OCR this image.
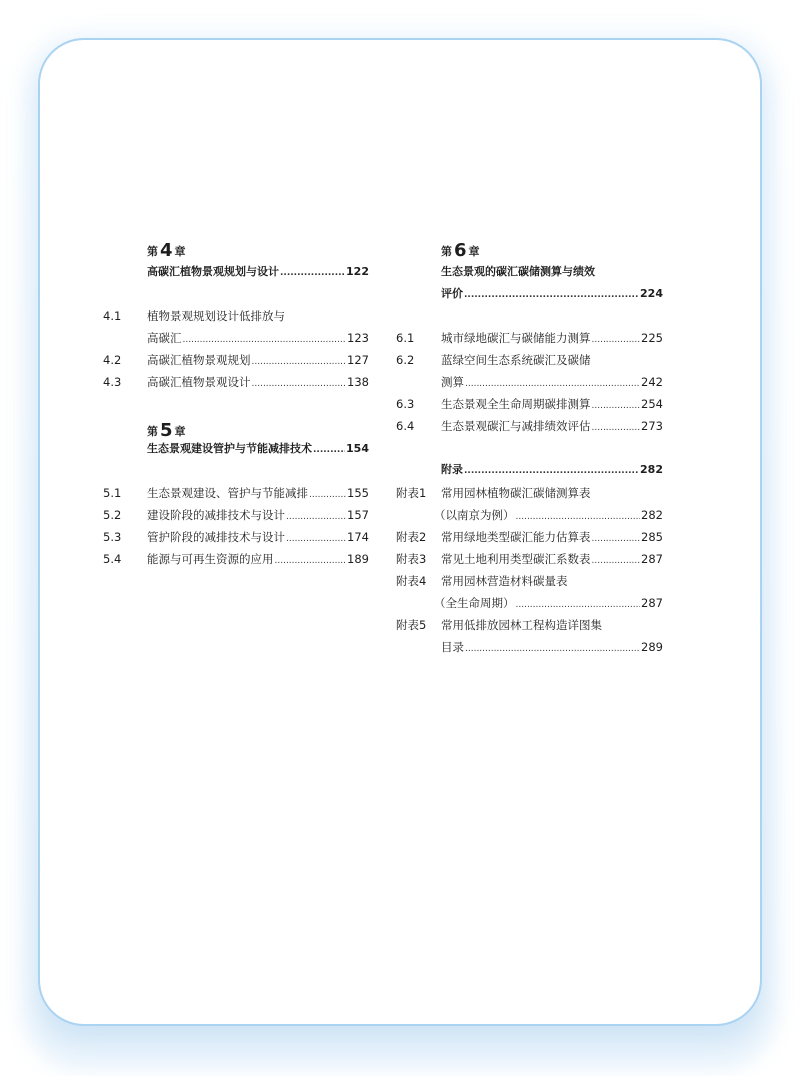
第 4 章
高碳汇植物景观规划与设计 .....	122
4.1 植物景观规划设计低排放与
高碳汇 .....	123
4.2 高碳汇植物景观规划 .....	127
4.3 高碳汇植物景观设计 .....	138
第 5 章
生态景观建设管护与节能减排技术 .....	154
5.1 生态景观建设、管护与节能减排 .....	155
5.2 建设阶段的减排技术与设计 .....	157
5.3 管护阶段的减排技术与设计 .....	174
5.4 能源与可再生资源的应用 .....	189
第 6 章
生态景观的碳汇碳储测算与绩效
评价 .....	224
6.1 城市绿地碳汇与碳储能力测算 .....	225
6.2 蓝绿空间生态系统碳汇及碳储
测算 .....	242
6.3 生态景观全生命周期碳排测算 .....	254
6.4 生态景观碳汇与减排绩效评估 .....	273
附录 .....	282
附表1 常用园林植物碳汇碳储测算表
（以南京为例） .....	282
附表2 常用绿地类型碳汇能力估算表 .....	285
附表3 常见土地利用类型碳汇系数表 .....	287
附表4 常用园林营造材料碳量表
（全生命周期） .....	287
附表5 常用低排放园林工程构造详图集
目录 .....	289
